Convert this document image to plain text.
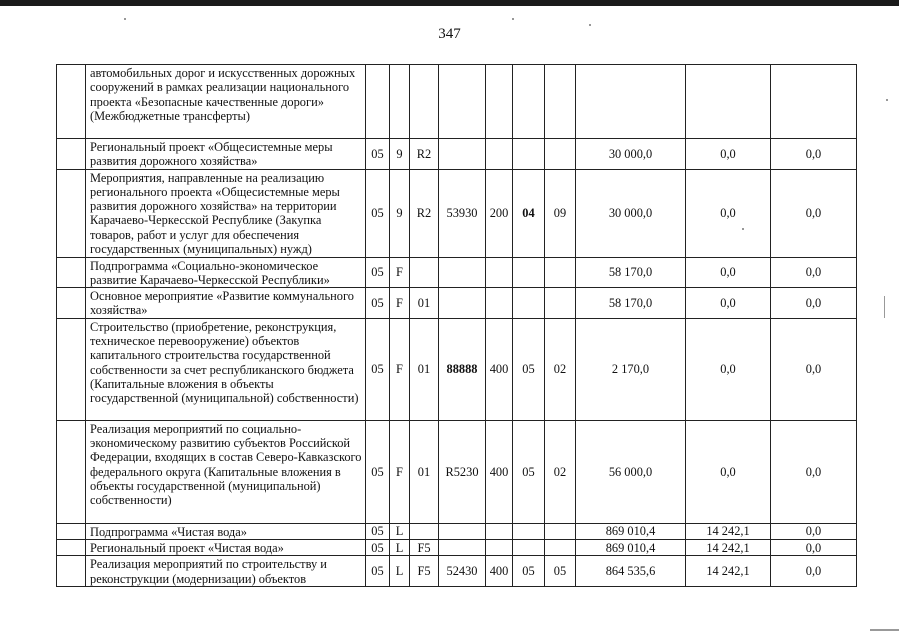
347
	автомобильных дорог и искусственных дорожных сооружений в рамках реализации национального проекта «Безопасные качественные дороги» (Межбюджетные трансферты)										
	Региональный проект «Общесистемные меры развития дорожного хозяйства»	05	9	R2					30 000,0	0,0	0,0
	Мероприятия, направленные на реализацию регионального проекта «Общесистемные меры развития дорожного хозяйства» на территории Карачаево-Черкесской Республике (Закупка товаров, работ и услуг для обеспечения государственных (муниципальных) нужд)	05	9	R2	53930	200	04	09	30 000,0	0,0	0,0
	Подпрограмма «Социально-экономическое развитие Карачаево-Черкесской Республики»	05	F						58 170,0	0,0	0,0
	Основное мероприятие «Развитие коммунального хозяйства»	05	F	01					58 170,0	0,0	0,0
	Строительство (приобретение, реконструкция, техническое перевооружение) объектов капитального строительства государственной собственности за счет республиканского бюджета (Капитальные вложения в объекты государственной (муниципальной) собственности)	05	F	01	88888	400	05	02	2 170,0	0,0	0,0
	Реализация мероприятий по социально-экономическому развитию субъектов Российской Федерации, входящих в состав Северо-Кавказского федерального округа (Капитальные вложения в объекты государственной (муниципальной) собственности)	05	F	01	R5230	400	05	02	56 000,0	0,0	0,0
	Подпрограмма «Чистая вода»	05	L						869 010,4	14 242,1	0,0
	Региональный проект «Чистая вода»	05	L	F5					869 010,4	14 242,1	0,0
	Реализация мероприятий по строительству и реконструкции (модернизации) объектов	05	L	F5	52430	400	05	05	864 535,6	14 242,1	0,0
